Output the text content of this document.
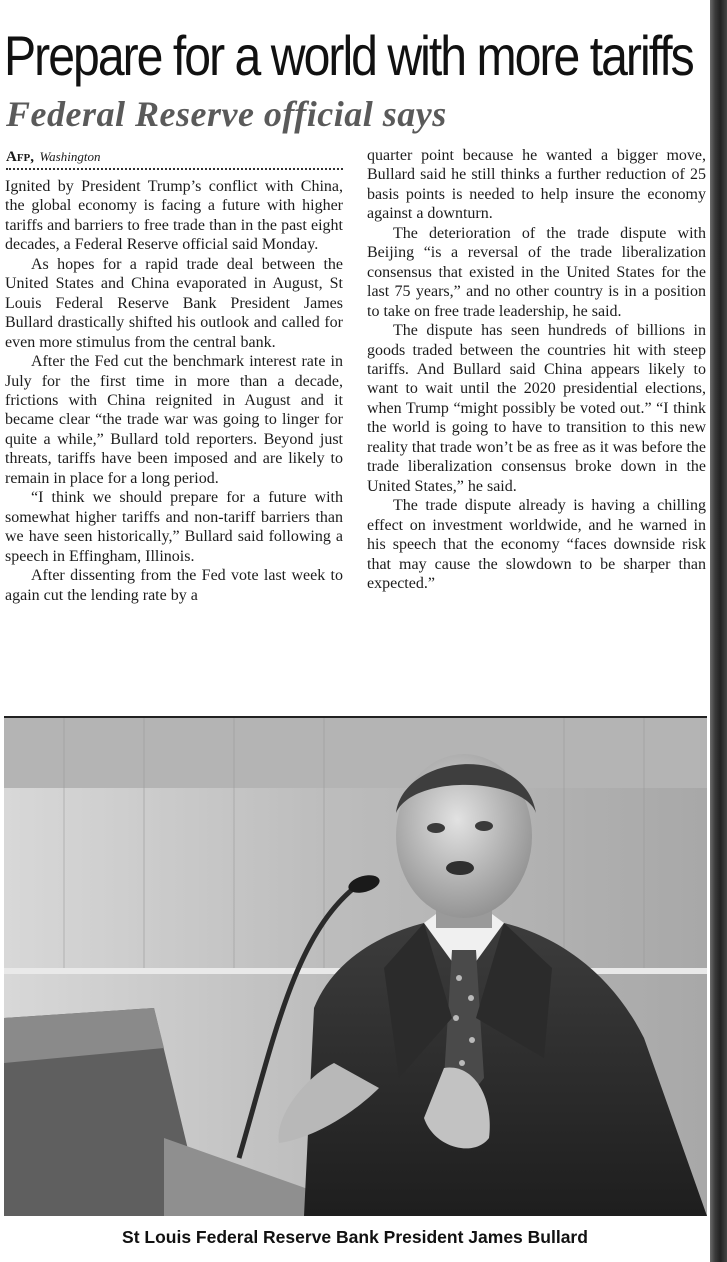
Prepare for a world with more tariffs
Federal Reserve official says
Afp, Washington

Ignited by President Trump’s conflict with China, the global economy is facing a future with higher tariffs and barriers to free trade than in the past eight decades, a Federal Reserve official said Monday.

As hopes for a rapid trade deal between the United States and China evaporated in August, St Louis Federal Reserve Bank President James Bullard drastically shifted his outlook and called for even more stimulus from the central bank.

After the Fed cut the benchmark interest rate in July for the first time in more than a decade, frictions with China reignited in August and it became clear “the trade war was going to linger for quite a while,” Bullard told reporters. Beyond just threats, tariffs have been imposed and are likely to remain in place for a long period.

“I think we should prepare for a future with somewhat higher tariffs and non-tariff barriers than we have seen historically,” Bullard said following a speech in Effingham, Illinois.

After dissenting from the Fed vote last week to again cut the lending rate by a

quarter point because he wanted a bigger move, Bullard said he still thinks a further reduction of 25 basis points is needed to help insure the economy against a downturn.

The deterioration of the trade dispute with Beijing “is a reversal of the trade liberalization consensus that existed in the United States for the last 75 years,” and no other country is in a position to take on free trade leadership, he said.

The dispute has seen hundreds of billions in goods traded between the countries hit with steep tariffs. And Bullard said China appears likely to want to wait until the 2020 presidential elections, when Trump “might possibly be voted out.” “I think the world is going to have to transition to this new reality that trade won’t be as free as it was before the trade liberalization consensus broke down in the United States,” he said.

The trade dispute already is having a chilling effect on investment worldwide, and he warned in his speech that the economy “faces downside risk that may cause the slowdown to be sharper than expected.”

St Louis Federal Reserve Bank President James Bullard
